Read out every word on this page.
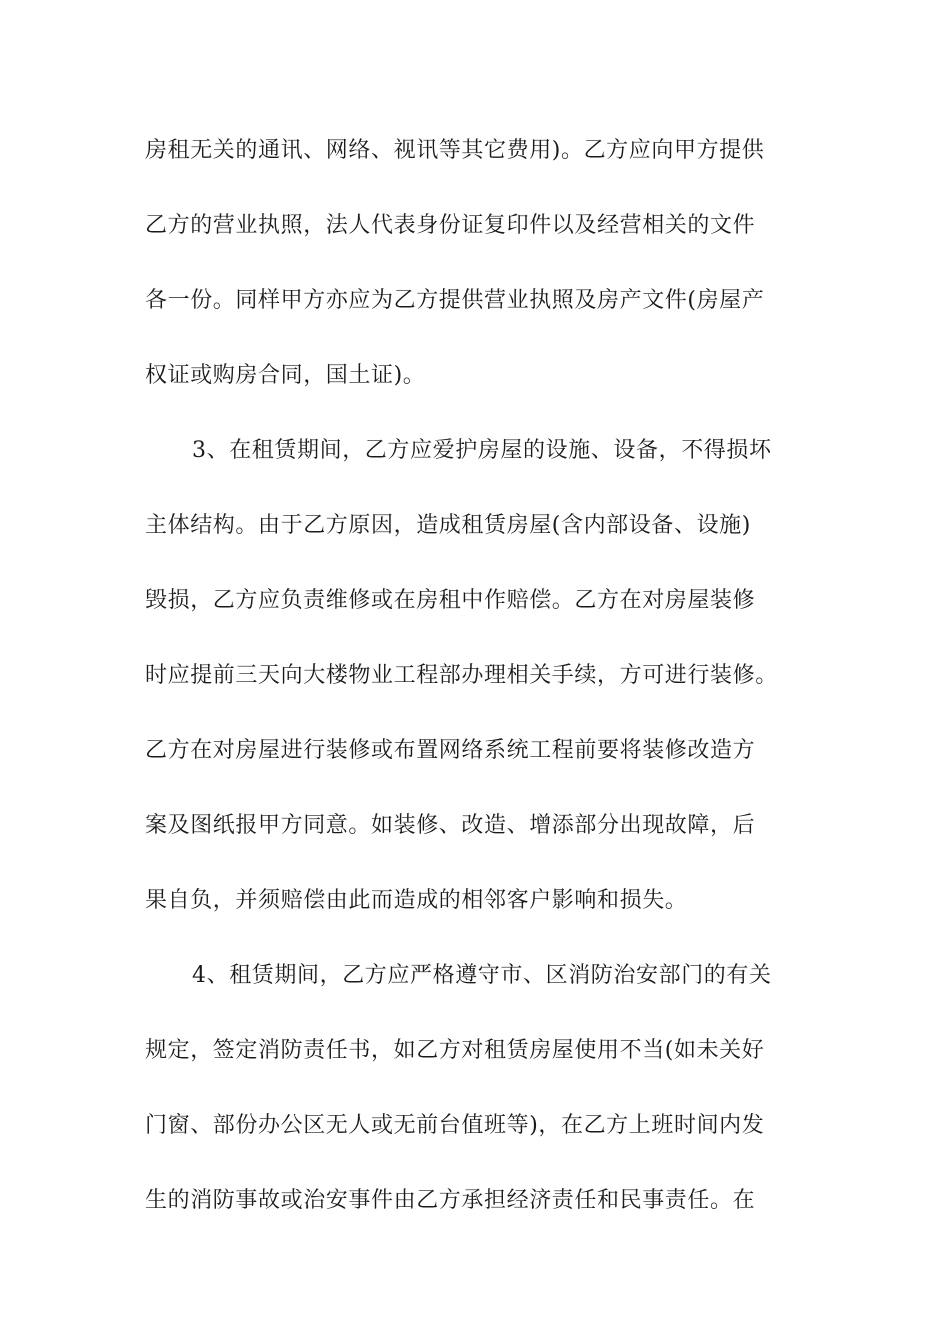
房租无关的通讯、网络、视讯等其它费用)。乙方应向甲方提供
乙方的营业执照，法人代表身份证复印件以及经营相关的文件
各一份。同样甲方亦应为乙方提供营业执照及房产文件(房屋产
权证或购房合同，国土证)。
3、在租赁期间，乙方应爱护房屋的设施、设备，不得损坏
主体结构。由于乙方原因，造成租赁房屋(含内部设备、设施)
毁损，乙方应负责维修或在房租中作赔偿。乙方在对房屋装修
时应提前三天向大楼物业工程部办理相关手续，方可进行装修。
乙方在对房屋进行装修或布置网络系统工程前要将装修改造方
案及图纸报甲方同意。如装修、改造、增添部分出现故障，后
果自负，并须赔偿由此而造成的相邻客户影响和损失。
4、租赁期间，乙方应严格遵守市、区消防治安部门的有关
规定，签定消防责任书，如乙方对租赁房屋使用不当(如未关好
门窗、部份办公区无人或无前台值班等)，在乙方上班时间内发
生的消防事故或治安事件由乙方承担经济责任和民事责任。在
